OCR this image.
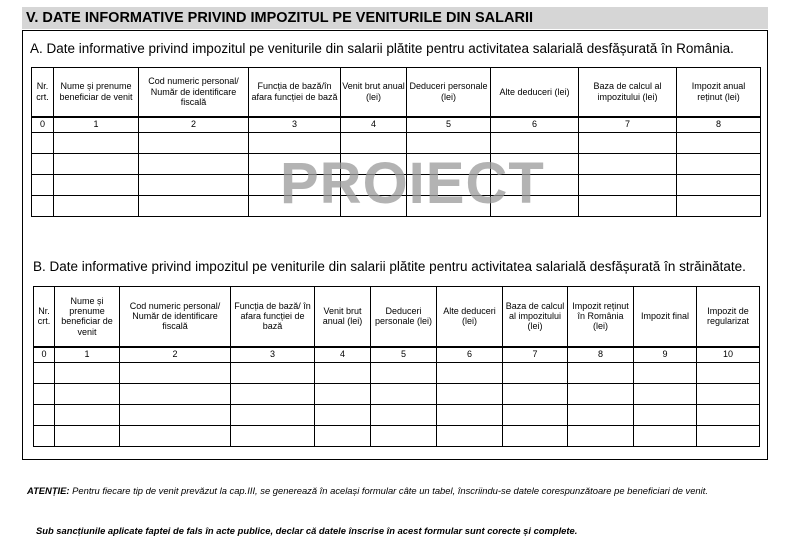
V. DATE INFORMATIVE PRIVIND IMPOZITUL PE VENITURILE DIN SALARII
A. Date informative privind impozitul pe veniturile din salarii plătite pentru activitatea salarială desfășurată în România.
Nr. crt.	Nume și prenume beneficiar de venit	Cod numeric personal/ Număr de identificare fiscală	Funcția de bază/în afara funcției de bază	Venit brut anual (lei)	Deduceri personale (lei)	Alte deduceri (lei)	Baza de calcul al impozitului (lei)	Impozit anual reținut (lei)
0	1	2	3	4	5	6	7	8

PROIECT
B. Date informative privind impozitul pe veniturile din salarii plătite pentru activitatea salarială desfășurată în străinătate.
Nr. crt.	Nume și prenume beneficiar de venit	Cod numeric personal/ Număr de identificare fiscală	Funcția de bază/ în afara funcției de bază	Venit brut anual (lei)	Deduceri personale (lei)	Alte deduceri (lei)	Baza de calcul al impozitului (lei)	Impozit reținut în România (lei)	Impozit final	Impozit de regularizat
0	1	2	3	4	5	6	7	8	9	10

ATENȚIE: Pentru fiecare tip de venit prevăzut la cap.III, se generează în același formular câte un tabel, înscriindu-se datele corespunzătoare pe beneficiari de venit.
Sub sancțiunile aplicate faptei de fals în acte publice, declar că datele înscrise în acest formular sunt corecte și complete.
